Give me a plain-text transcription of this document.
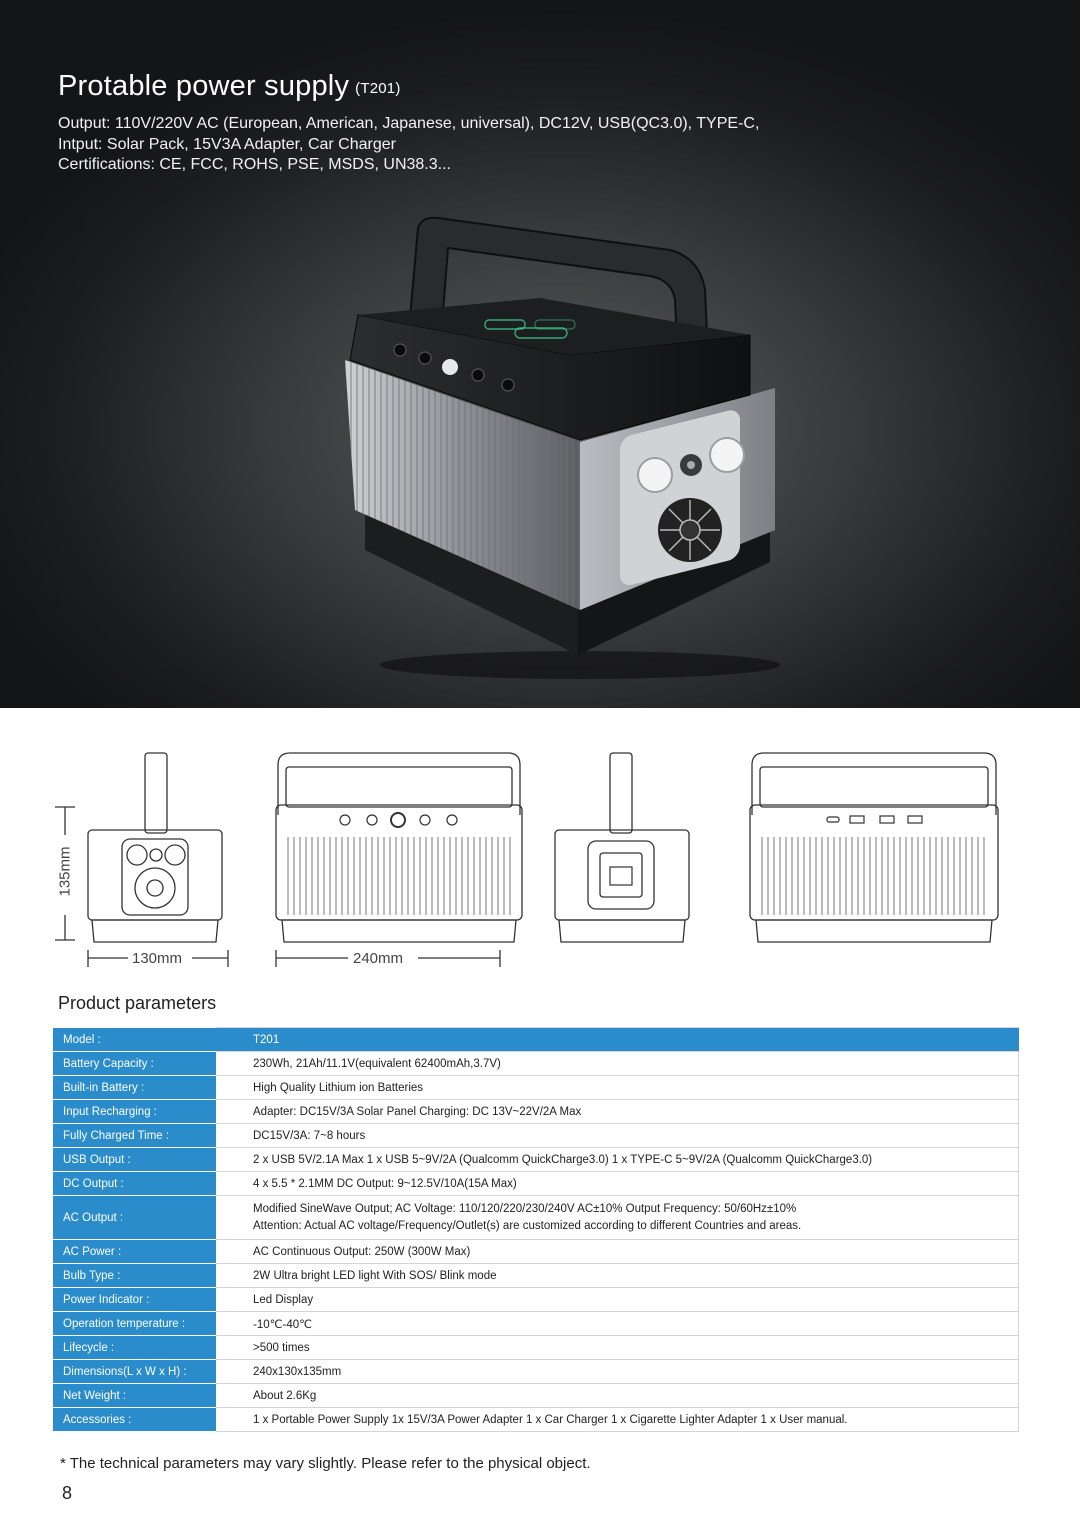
Protable power supply (T201)
Output: 110V/220V AC (European, American, Japanese, universal), DC12V, USB(QC3.0), TYPE-C,
Intput: Solar Pack, 15V3A Adapter, Car Charger
Certifications: CE, FCC, ROHS, PSE, MSDS, UN38.3...
135mm
130mm	240mm
Product parameters
Model :	T201
Battery Capacity :	230Wh, 21Ah/11.1V(equivalent 62400mAh,3.7V)
Built-in Battery :	High Quality Lithium ion Batteries
Input Recharging :	Adapter: DC15V/3A Solar Panel Charging: DC 13V~22V/2A Max
Fully Charged Time :	DC15V/3A: 7~8 hours
USB Output :	2 x USB 5V/2.1A Max 1 x USB 5~9V/2A (Qualcomm QuickCharge3.0) 1 x TYPE-C 5~9V/2A (Qualcomm QuickCharge3.0)
DC Output :	4 x 5.5 * 2.1MM DC Output: 9~12.5V/10A(15A Max)
AC Output :	Modified SineWave Output; AC Voltage: 110/120/220/230/240V AC±10% Output Frequency: 50/60Hz±10%
Attention: Actual AC voltage/Frequency/Outlet(s) are customized according to different Countries and areas.

AC Power :	AC Continuous Output: 250W (300W Max)
Bulb Type :	2W Ultra bright LED light With SOS/ Blink mode
Power Indicator :	Led Display
Operation temperature :	-10℃-40℃
Lifecycle :	>500 times
Dimensions(L x W x H) :	240x130x135mm
Net Weight :	About 2.6Kg
Accessories :	1 x Portable Power Supply 1x 15V/3A Power Adapter 1 x Car Charger 1 x Cigarette Lighter Adapter 1 x User manual.
* The technical parameters may vary slightly. Please refer to the physical object.
8
